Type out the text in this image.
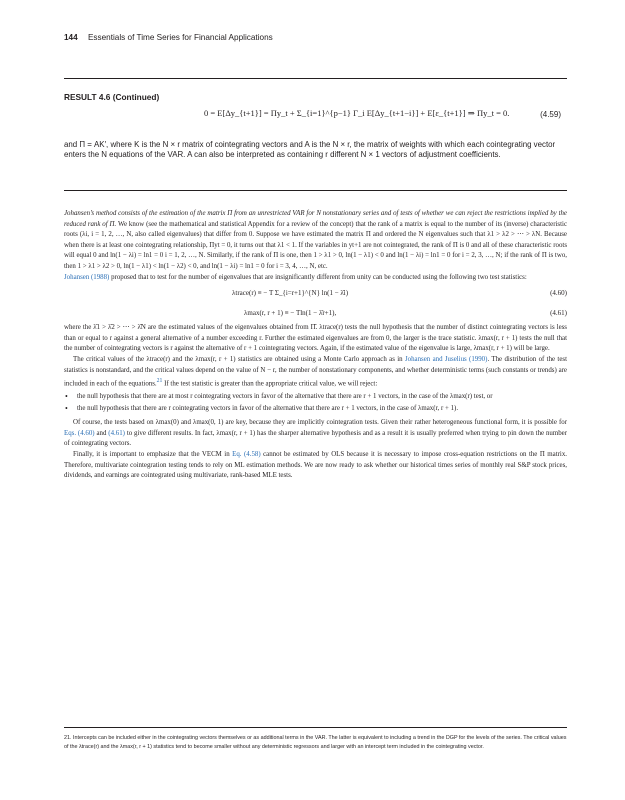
144 Essentials of Time Series for Financial Applications
RESULT 4.6 (Continued)
0 = E[Δy_{t+1}] = Πy_t + Σ_{i=1}^{p−1} Γ_i E[Δy_{t+1−i}] + E[ε_{t+1}] ⇒ Πy_t = 0.	(4.59)
and Π = AK′, where K is the N × r matrix of cointegrating vectors and A is the N × r, the matrix of weights with which each cointegrating vector enters the N equations of the VAR. A can also be interpreted as containing r different N × 1 vectors of adjustment coefficients.

Johansen’s method consists of the estimation of the matrix Π from an unrestricted VAR for N nonstationary series and of tests of whether we can reject the restrictions implied by the reduced rank of Π. We know (see the mathematical and statistical Appendix for a review of the concept) that the rank of a matrix is equal to the number of its (inverse) characteristic roots (λi, i = 1, 2, …, N, also called eigenvalues) that differ from 0. Suppose we have estimated the matrix Π and ordered the N eigenvalues such that λ1 > λ2 > ⋯ > λN. Because when there is at least one cointegrating relationship, Πyt = 0, it turns out that λ1 < 1. If the variables in yt+1 are not cointegrated, the rank of Π is 0 and all of these characteristic roots will equal 0 and ln(1 − λi) = ln1 = 0 i = 1, 2, …, N. Similarly, if the rank of Π is one, then 1 > λ1 > 0, ln(1 − λ1) < 0 and ln(1 − λi) = ln1 = 0 for i = 2, 3, …, N; if the rank of Π is two, then 1 > λ1 > λ2 > 0, ln(1 − λ1) < ln(1 − λ2) < 0, and ln(1 − λi) = ln1 = 0 for i = 3, 4, …, N, etc.

Johansen (1988) proposed that to test for the number of eigenvalues that are insignificantly different from unity can be conducted using the following two test statistics:

λtrace(r) ≡ − T Σ_{i=r+1}^{N} ln(1 − λ̂i)	(4.60)
λmax(r, r + 1) ≡ − Tln(1 − λ̂r+1),	(4.61)

where the λ̂1 > λ̂2 > ⋯ > λ̂N are the estimated values of the eigenvalues obtained from Π̂. λtrace(r) tests the null hypothesis that the number of distinct cointegrating vectors is less than or equal to r against a general alternative of a number exceeding r. Further the estimated eigenvalues are from 0, the larger is the trace statistic. λmax(r, r + 1) tests the null that the number of cointegrating vectors is r against the alternative of r + 1 cointegrating vectors. Again, if the estimated value of the eigenvalue is large, λmax(r, r + 1) will be large.

The critical values of the λtrace(r) and the λmax(r, r + 1) statistics are obtained using a Monte Carlo approach as in Johansen and Juselius (1990). The distribution of the test statistics is nonstandard, and the critical values depend on the value of N − r, the number of nonstationary components, and whether deterministic terms (such constants or trends) are included in each of the equations.$^{21}$ If the test statistic is greater than the appropriate critical value, we will reject:

• the null hypothesis that there are at most r cointegrating vectors in favor of the alternative that there are r + 1 vectors, in the case of the λmax(r) test, or
• the null hypothesis that there are r cointegrating vectors in favor of the alternative that there are r + 1 vectors, in the case of λmax(r, r + 1).

Of course, the tests based on λmax(0) and λmax(0, 1) are key, because they are implicitly cointegration tests. Given their rather heterogeneous functional form, it is possible for Eqs. (4.60) and (4.61) to give different results. In fact, λmax(r, r + 1) has the sharper alternative hypothesis and as a result it is usually preferred when trying to pin down the number of cointegrating vectors.

Finally, it is important to emphasize that the VECM in Eq. (4.58) cannot be estimated by OLS because it is necessary to impose cross-equation restrictions on the Π matrix. Therefore, multivariate cointegration testing tends to rely on ML estimation methods. We are now ready to ask whether our historical times series of monthly real S&P stock prices, dividends, and earnings are cointegrated using multivariate, rank-based MLE tests.

21. Intercepts can be included either in the cointegrating vectors themselves or as additional terms in the VAR. The latter is equivalent to including a trend in the DGP for the levels of the series. The critical values of the λtrace(r) and the λmax(r, r + 1) statistics tend to become smaller without any deterministic regressors and larger with an intercept term included in the cointegrating vector.
